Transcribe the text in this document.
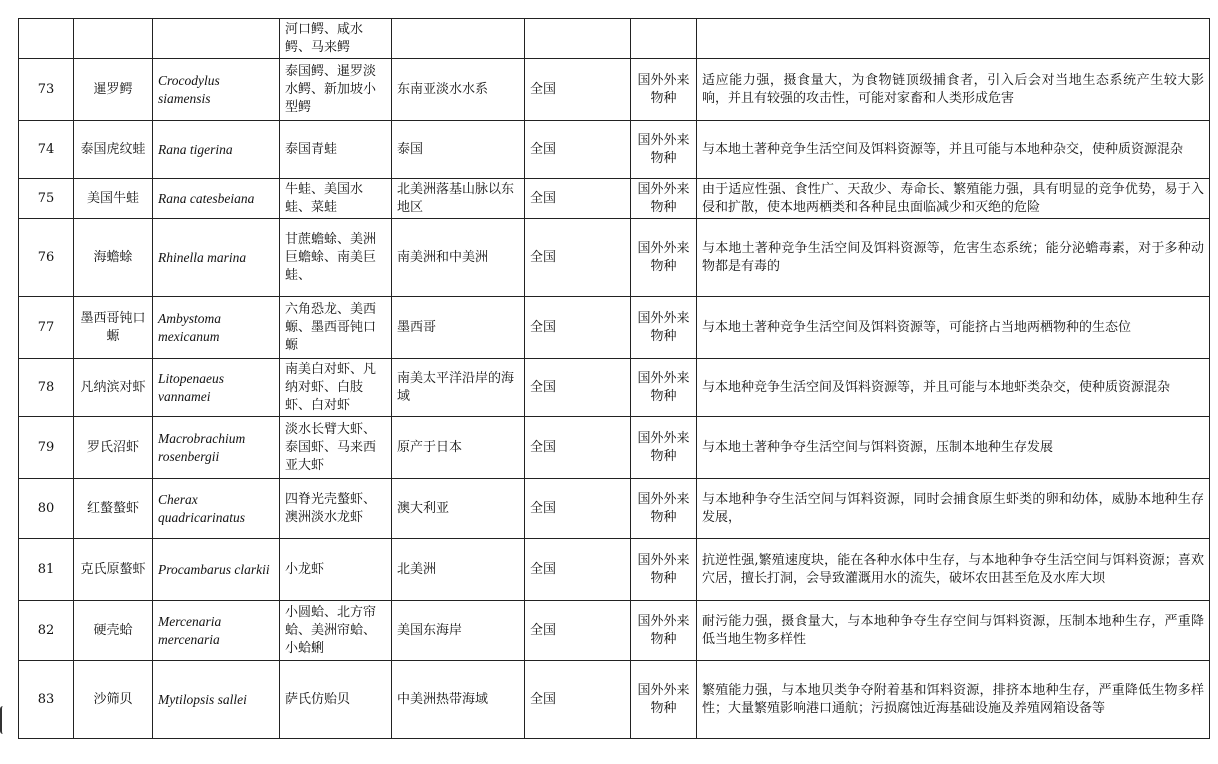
			河口鳄、咸水鳄、马来鳄				
73	暹罗鳄	Crocodylus siamensis	泰国鳄、暹罗淡水鳄、新加坡小型鳄	东南亚淡水水系	全国	国外外来物种	适应能力强，摄食量大，为食物链顶级捕食者，引入后会对当地生态系统产生较大影响，并且有较强的攻击性，可能对家畜和人类形成危害
74	泰国虎纹蛙	Rana tigerina	泰国青蛙	泰国	全国	国外外来物种	与本地土著种竞争生活空间及饵料资源等，并且可能与本地种杂交，使种质资源混杂
75	美国牛蛙	Rana catesbeiana	牛蛙、美国水蛙、菜蛙	北美洲落基山脉以东地区	全国	国外外来物种	由于适应性强、食性广、天敌少、寿命长、繁殖能力强，具有明显的竞争优势，易于入侵和扩散，使本地两栖类和各种昆虫面临减少和灭绝的危险
76	海蟾蜍	Rhinella marina	甘蔗蟾蜍、美洲巨蟾蜍、南美巨蛙、	南美洲和中美洲	全国	国外外来物种	与本地土著种竞争生活空间及饵料资源等，危害生态系统；能分泌蟾毒素，对于多种动物都是有毒的
77	墨西哥钝口螈	Ambystoma mexicanum	六角恐龙、美西螈、墨西哥钝口螈	墨西哥	全国	国外外来物种	与本地土著种竞争生活空间及饵料资源等，可能挤占当地两栖物种的生态位
78	凡纳滨对虾	Litopenaeus vannamei	南美白对虾、凡纳对虾、白肢虾、白对虾	南美太平洋沿岸的海域	全国	国外外来物种	与本地种竞争生活空间及饵料资源等，并且可能与本地虾类杂交，使种质资源混杂
79	罗氏沼虾	Macrobrachium rosenbergii	淡水长臂大虾、泰国虾、马来西亚大虾	原产于日本	全国	国外外来物种	与本地土著种争夺生活空间与饵料资源，压制本地种生存发展
80	红螯螯虾	Cherax quadricarinatus	四脊光壳螯虾、澳洲淡水龙虾	澳大利亚	全国	国外外来物种	与本地种争夺生活空间与饵料资源，同时会捕食原生虾类的卵和幼体，威胁本地种生存发展，
81	克氏原螯虾	Procambarus clarkii	小龙虾	北美洲	全国	国外外来物种	抗逆性强,繁殖速度块，能在各种水体中生存，与本地种争夺生活空间与饵料资源；喜欢穴居，擅长打洞，会导致灌溉用水的流失，破坏农田甚至危及水库大坝
82	硬壳蛤	Mercenaria mercenaria	小圆蛤、北方帘蛤、美洲帘蛤、小蛤蜊	美国东海岸	全国	国外外来物种	耐污能力强，摄食量大，与本地种争夺生存空间与饵料资源，压制本地种生存，严重降低当地生物多样性
83	沙筛贝	Mytilopsis sallei	萨氏仿贻贝	中美洲热带海域	全国	国外外来物种	繁殖能力强，与本地贝类争夺附着基和饵料资源，排挤本地种生存，严重降低生物多样性；大量繁殖影响港口通航；污损腐蚀近海基础设施及养殖网箱设备等
